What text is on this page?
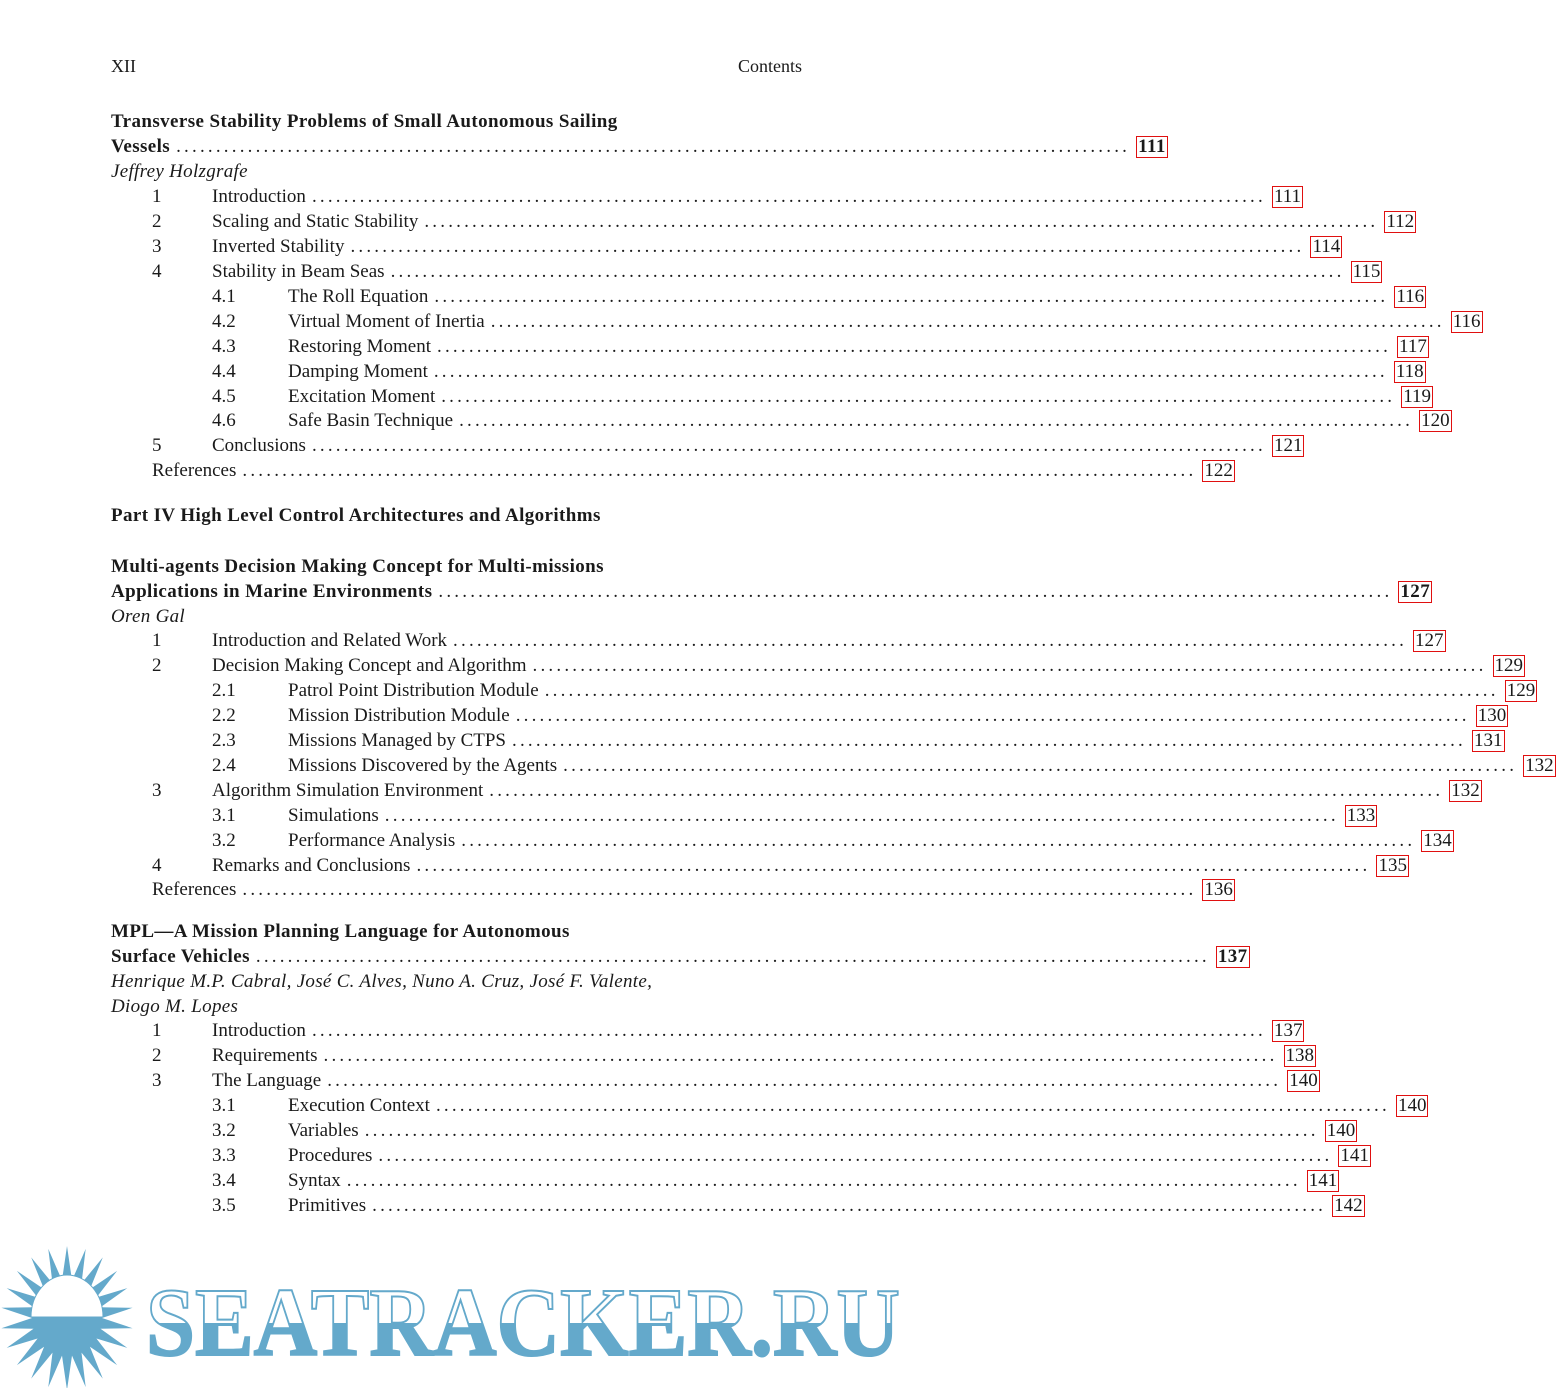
XII	Contents
Transverse Stability Problems of Small Autonomous Sailing
Vessels ........................................................................................................................ 111
Jeffrey Holzgrafe
1	Introduction ........................................................................................................................ 111
2	Scaling and Static Stability ........................................................................................................................ 112
3	Inverted Stability ........................................................................................................................ 114
4	Stability in Beam Seas ........................................................................................................................ 115
4.1	The Roll Equation ........................................................................................................................ 116
4.2	Virtual Moment of Inertia ........................................................................................................................ 116
4.3	Restoring Moment ........................................................................................................................ 117
4.4	Damping Moment ........................................................................................................................ 118
4.5	Excitation Moment ........................................................................................................................ 119
4.6	Safe Basin Technique ........................................................................................................................ 120
5	Conclusions ........................................................................................................................ 121
References ........................................................................................................................ 122
Part IV High Level Control Architectures and Algorithms
Multi-agents Decision Making Concept for Multi-missions
Applications in Marine Environments ........................................................................................................................ 127
Oren Gal
1	Introduction and Related Work ........................................................................................................................ 127
2	Decision Making Concept and Algorithm ........................................................................................................................ 129
2.1	Patrol Point Distribution Module ........................................................................................................................ 129
2.2	Mission Distribution Module ........................................................................................................................ 130
2.3	Missions Managed by CTPS ........................................................................................................................ 131
2.4	Missions Discovered by the Agents ........................................................................................................................ 132
3	Algorithm Simulation Environment ........................................................................................................................ 132
3.1	Simulations ........................................................................................................................ 133
3.2	Performance Analysis ........................................................................................................................ 134
4	Remarks and Conclusions ........................................................................................................................ 135
References ........................................................................................................................ 136
MPL—A Mission Planning Language for Autonomous
Surface Vehicles ........................................................................................................................ 137
Henrique M.P. Cabral, José C. Alves, Nuno A. Cruz, José F. Valente,
Diogo M. Lopes
1	Introduction ........................................................................................................................ 137
2	Requirements ........................................................................................................................ 138
3	The Language ........................................................................................................................ 140
3.1	Execution Context ........................................................................................................................ 140
3.2	Variables ........................................................................................................................ 140
3.3	Procedures ........................................................................................................................ 141
3.4	Syntax ........................................................................................................................ 141
3.5	Primitives ........................................................................................................................ 142
SEATRACKER.RU
